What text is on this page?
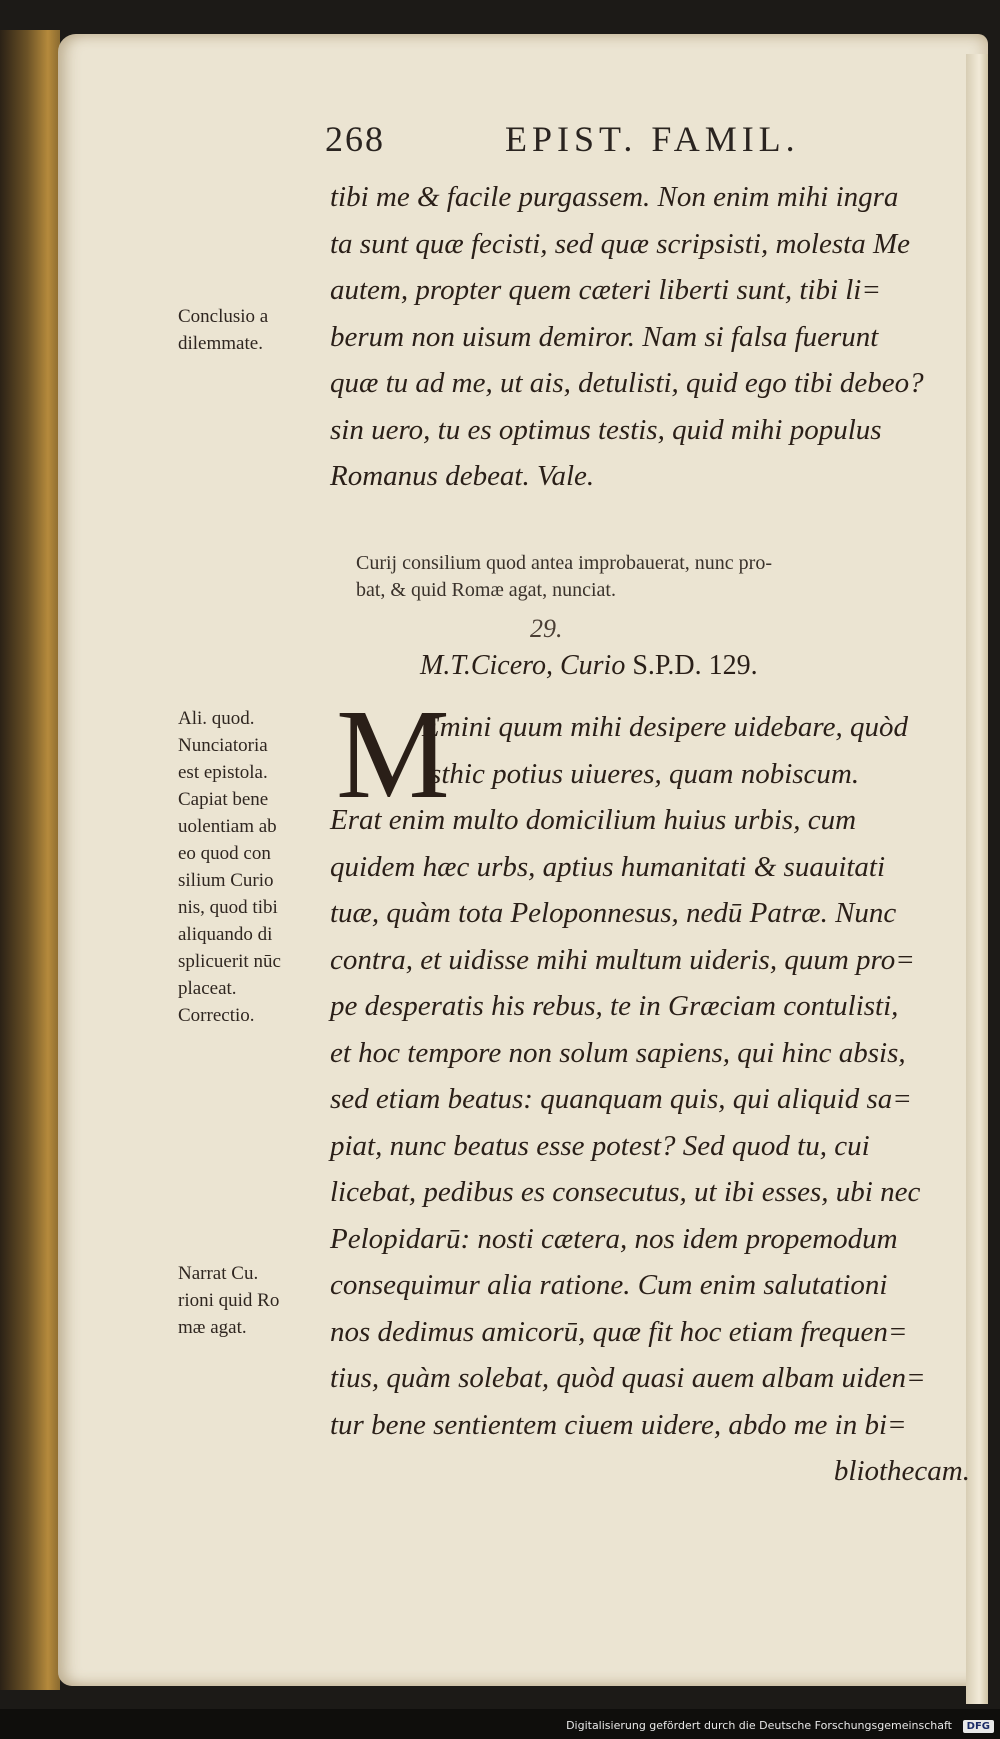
268	EPIST. FAMIL.
tibi me & facile purgassem. Non enim mihi ingra
ta sunt quæ fecisti, sed quæ scripsisti, molesta Me
autem, propter quem cæteri liberti sunt, tibi li=
berum non uisum demiror. Nam si falsa fuerunt
quæ tu ad me, ut ais, detulisti, quid ego tibi debeo?
sin uero, tu es optimus testis, quid mihi populus
Romanus debeat. Vale.
Curij consilium quod antea improbauerat, nunc pro-
bat, & quid Romæ agat, nunciat.
29.
M.T.Cicero, Curio S.P.D. 129.
M
Emini quum mihi desipere uidebare, quòd
isthic potius uiueres, quam nobiscum.
Erat enim multo domicilium huius urbis, cum
quidem hæc urbs, aptius humanitati & suauitati
tuæ, quàm tota Peloponnesus, nedū Patræ. Nunc
contra, et uidisse mihi multum uideris, quum pro=
pe desperatis his rebus, te in Græciam contulisti,
et hoc tempore non solum sapiens, qui hinc absis,
sed etiam beatus: quanquam quis, qui aliquid sa=
piat, nunc beatus esse potest? Sed quod tu, cui
licebat, pedibus es consecutus, ut ibi esses, ubi nec
Pelopidarū: nosti cætera, nos idem propemodum
consequimur alia ratione. Cum enim salutationi
nos dedimus amicorū, quæ fit hoc etiam frequen=
tius, quàm solebat, quòd quasi auem albam uiden=
tur bene sentientem ciuem uidere, abdo me in bi=
bliothecam.
Conclusio a
dilemmate.
Ali. quod.
Nunciatoria
est epistola.
Capiat bene
uolentiam ab
eo quod con
silium Curio
nis, quod tibi
aliquando di
splicuerit nūc
placeat.
Correctio.
Narrat Cu.
rioni quid Ro
mæ agat.
Digitalisierung gefördert durch die Deutsche Forschungsgemeinschaft	DFG
